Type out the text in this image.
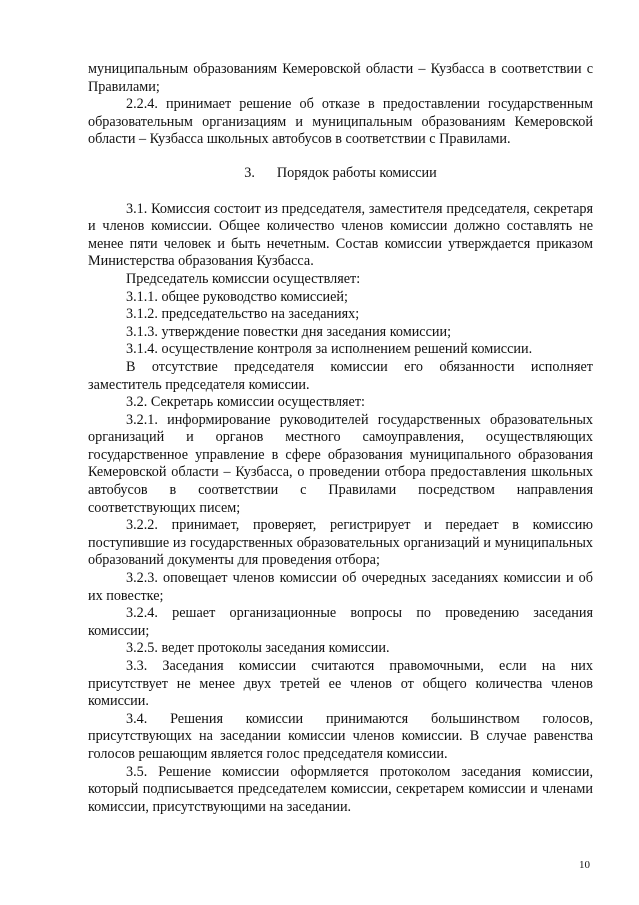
муниципальным образованиям Кемеровской области – Кузбасса в соответствии с Правилами;

2.2.4. принимает решение об отказе в предоставлении государственным образовательным организациям и муниципальным образованиям Кемеровской области – Кузбасса школьных автобусов в соответствии с Правилами.

3. Порядок работы комиссии

3.1. Комиссия состоит из председателя, заместителя председателя, секретаря и членов комиссии. Общее количество членов комиссии должно составлять не менее пяти человек и быть нечетным. Состав комиссии утверждается приказом Министерства образования Кузбасса.

Председатель комиссии осуществляет:

3.1.1. общее руководство комиссией;

3.1.2. председательство на заседаниях;

3.1.3. утверждение повестки дня заседания комиссии;

3.1.4. осуществление контроля за исполнением решений комиссии.

В отсутствие председателя комиссии его обязанности исполняет заместитель председателя комиссии.

3.2. Секретарь комиссии осуществляет:

3.2.1. информирование руководителей государственных образовательных организаций и органов местного самоуправления, осуществляющих государственное управление в сфере образования муниципального образования Кемеровской области – Кузбасса, о проведении отбора предоставления школьных автобусов в соответствии с Правилами посредством направления соответствующих писем;

3.2.2. принимает, проверяет, регистрирует и передает в комиссию поступившие из государственных образовательных организаций и муниципальных образований документы для проведения отбора;

3.2.3. оповещает членов комиссии об очередных заседаниях комиссии и об их повестке;

3.2.4. решает организационные вопросы по проведению заседания комиссии;

3.2.5. ведет протоколы заседания комиссии.

3.3. Заседания комиссии считаются правомочными, если на них присутствует не менее двух третей ее членов от общего количества членов комиссии.

3.4. Решения комиссии принимаются большинством голосов, присутствующих на заседании комиссии членов комиссии. В случае равенства голосов решающим является голос председателя комиссии.

3.5. Решение комиссии оформляется протоколом заседания комиссии, который подписывается председателем комиссии, секретарем комиссии и членами комиссии, присутствующими на заседании.

10
